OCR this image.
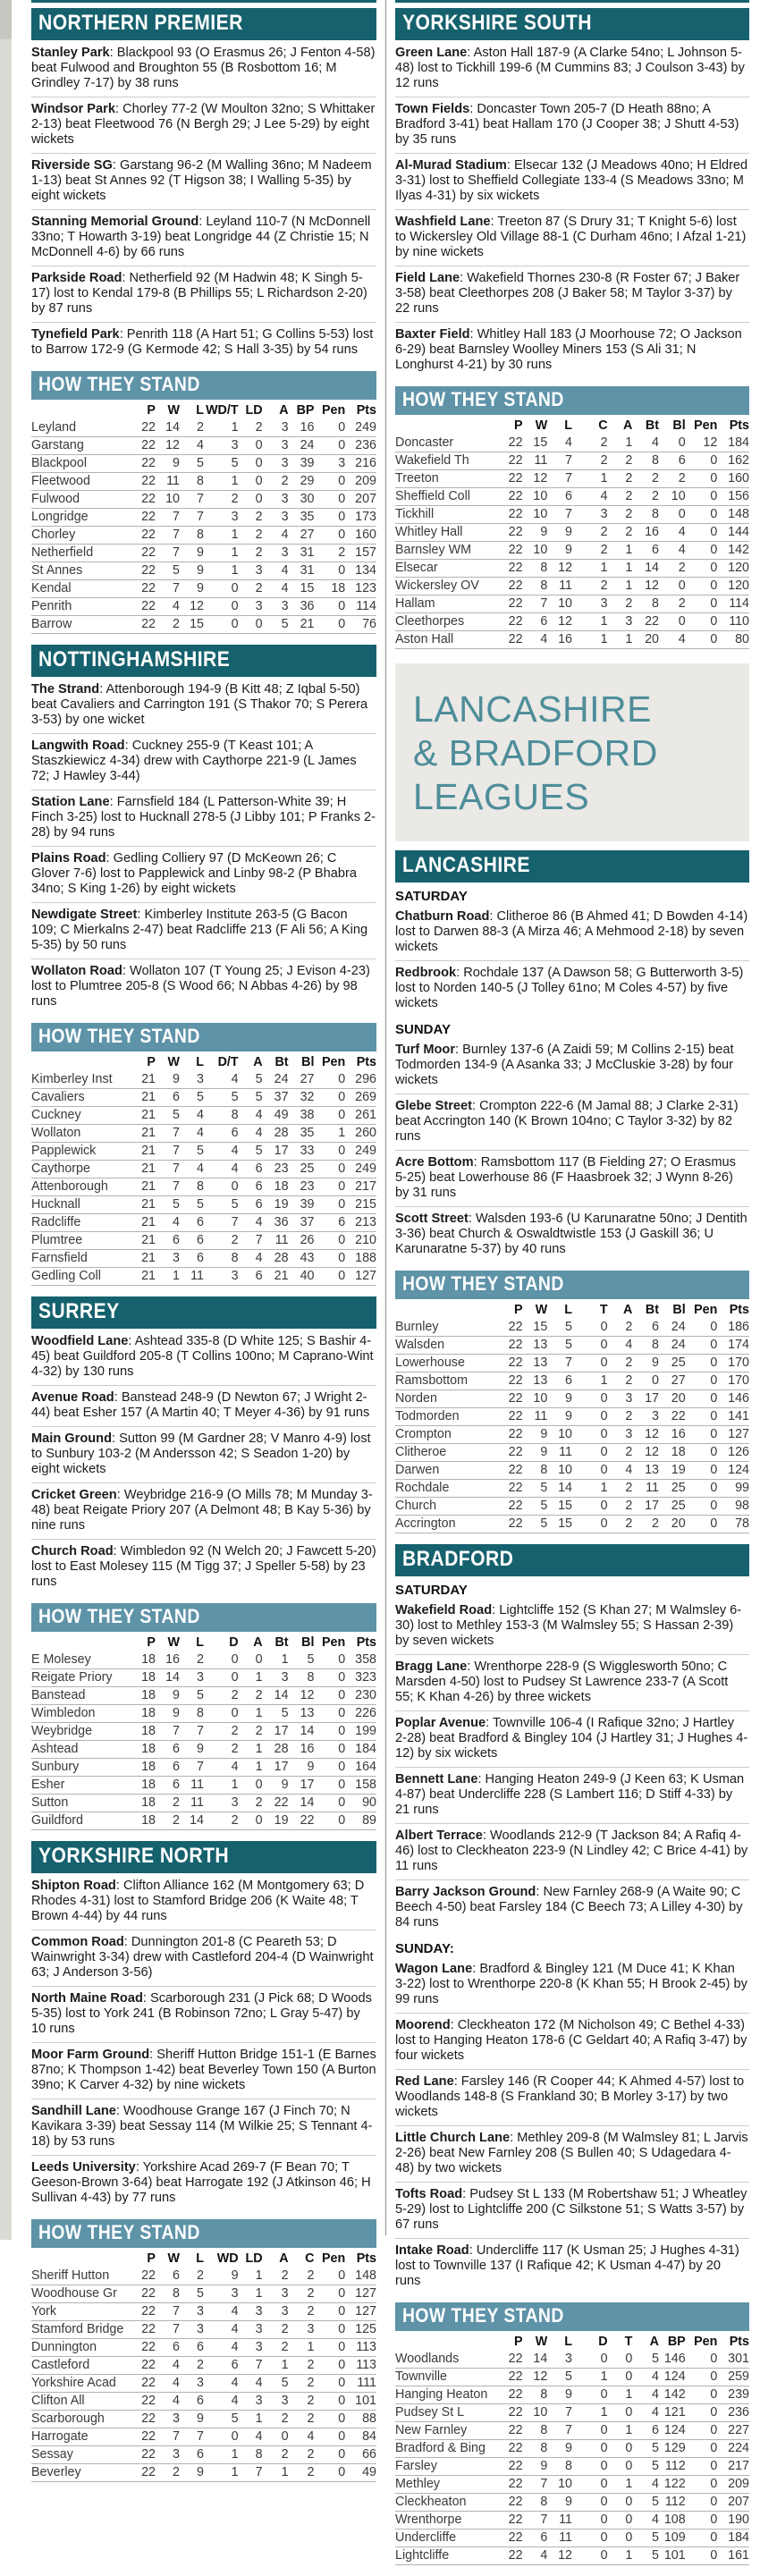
NORTHERN PREMIER
Stanley Park: Blackpool 93 (O Erasmus 26; J Fenton 4-58) beat Fulwood and Broughton 55 (B Rosbottom 16; M Grindley 7-17) by 38 runs
Windsor Park: Chorley 77-2 (W Moulton 32no; S Whittaker 2-13) beat Fleetwood 76 (N Bergh 29; J Lee 5-29) by eight wickets
Riverside SG: Garstang 96-2 (M Walling 36no; M Nadeem 1-13) beat St Annes 92 (T Higson 38; I Walling 5-35) by eight wickets
Stanning Memorial Ground: Leyland 110-7 (N McDonnell 33no; T Howarth 3-19) beat Longridge 44 (Z Christie 15; N McDonnell 4-6) by 66 runs
Parkside Road: Netherfield 92 (M Hadwin 48; K Singh 5-17) lost to Kendal 179-8 (B Phillips 55; L Richardson 2-20) by 87 runs
Tynefield Park: Penrith 118 (A Hart 51; G Collins 5-53) lost to Barrow 172-9 (G Kermode 42; S Hall 3-35) by 54 runs
HOW THEY STAND
	P	W	L	WD/T	LD	A	BP	Pen	Pts
Leyland	22	14	2	1	2	3	16	0	249
Garstang	22	12	4	3	0	3	24	0	236
Blackpool	22	9	5	5	0	3	39	3	216
Fleetwood	22	11	8	1	0	2	29	0	209
Fulwood	22	10	7	2	0	3	30	0	207
Longridge	22	7	7	3	2	3	35	0	173
Chorley	22	7	8	1	2	4	27	0	160
Netherfield	22	7	9	1	2	3	31	2	157
St Annes	22	5	9	1	3	4	31	0	134
Kendal	22	7	9	0	2	4	15	18	123
Penrith	22	4	12	0	3	3	36	0	114
Barrow	22	2	15	0	0	5	21	0	76
NOTTINGHAMSHIRE
The Strand: Attenborough 194-9 (B Kitt 48; Z Iqbal 5-50) beat Cavaliers and Carrington 191 (S Thakor 70; S Perera 3-53) by one wicket
Langwith Road: Cuckney 255-9 (T Keast 101; A Staszkiewicz 4-34) drew with Caythorpe 221-9 (L James 72; J Hawley 3-44)
Station Lane: Farnsfield 184 (L Patterson-White 39; H Finch 3-25) lost to Hucknall 278-5 (J Libby 101; P Franks 2-28) by 94 runs
Plains Road: Gedling Colliery 97 (D McKeown 26; C Glover 7-6) lost to Papplewick and Linby 98-2 (P Bhabra 34no; S King 1-26) by eight wickets
Newdigate Street: Kimberley Institute 263-5 (G Bacon 109; C Mierkalns 2-47) beat Radcliffe 213 (F Ali 56; A King 5-35) by 50 runs
Wollaton Road: Wollaton 107 (T Young 25; J Evison 4-23) lost to Plumtree 205-8 (S Wood 66; N Abbas 4-26) by 98 runs
HOW THEY STAND
	P	W	L	D/T	A	Bt	Bl	Pen	Pts
Kimberley Inst	21	9	3	4	5	24	27	0	296
Cavaliers	21	6	5	5	5	37	32	0	269
Cuckney	21	5	4	8	4	49	38	0	261
Wollaton	21	7	4	6	4	28	35	1	260
Papplewick	21	7	5	4	5	17	33	0	249
Caythorpe	21	7	4	4	6	23	25	0	249
Attenborough	21	7	8	0	6	18	23	0	217
Hucknall	21	5	5	5	6	19	39	0	215
Radcliffe	21	4	6	7	4	36	37	6	213
Plumtree	21	6	6	2	7	11	26	0	210
Farnsfield	21	3	6	8	4	28	43	0	188
Gedling Coll	21	1	11	3	6	21	40	0	127
SURREY
Woodfield Lane: Ashtead 335-8 (D White 125; S Bashir 4-45) beat Guildford 205-8 (T Collins 100no; M Caprano-Wint 4-32) by 130 runs
Avenue Road: Banstead 248-9 (D Newton 67; J Wright 2-44) beat Esher 157 (A Martin 40; T Meyer 4-36) by 91 runs
Main Ground: Sutton 99 (M Gardner 28; V Manro 4-9) lost to Sunbury 103-2 (M Andersson 42; S Seadon 1-20) by eight wickets
Cricket Green: Weybridge 216-9 (O Mills 78; M Munday 3-48) beat Reigate Priory 207 (A Delmont 48; B Kay 5-36) by nine runs
Church Road: Wimbledon 92 (N Welch 20; J Fawcett 5-20) lost to East Molesey 115 (M Tigg 37; J Speller 5-58) by 23 runs
HOW THEY STAND
	P	W	L	D	A	Bt	Bl	Pen	Pts
E Molesey	18	16	2	0	0	1	5	0	358
Reigate Priory	18	14	3	0	1	3	8	0	323
Banstead	18	9	5	2	2	14	12	0	230
Wimbledon	18	9	8	0	1	5	13	0	226
Weybridge	18	7	7	2	2	17	14	0	199
Ashtead	18	6	9	2	1	28	16	0	184
Sunbury	18	6	7	4	1	17	9	0	164
Esher	18	6	11	1	0	9	17	0	158
Sutton	18	2	11	3	2	22	14	0	90
Guildford	18	2	14	2	0	19	22	0	89
YORKSHIRE NORTH
Shipton Road: Clifton Alliance 162 (M Montgomery 63; D Rhodes 4-31) lost to Stamford Bridge 206 (K Waite 48; T Brown 4-44) by 44 runs
Common Road: Dunnington 201-8 (C Peareth 53; D Wainwright 3-34) drew with Castleford 204-4 (D Wainwright 63; J Anderson 3-56)
North Maine Road: Scarborough 231 (J Pick 68; D Woods 5-35) lost to York 241 (B Robinson 72no; L Gray 5-47) by 10 runs
Moor Farm Ground: Sheriff Hutton Bridge 151-1 (E Barnes 87no; K Thompson 1-42) beat Beverley Town 150 (A Burton 39no; K Carver 4-32) by nine wickets
Sandhill Lane: Woodhouse Grange 167 (J Finch 70; N Kavikara 3-39) beat Sessay 114 (M Wilkie 25; S Tennant 4-18) by 53 runs
Leeds University: Yorkshire Acad 269-7 (F Bean 70; T Geeson-Brown 3-64) beat Harrogate 192 (J Atkinson 46; H Sullivan 4-43) by 77 runs
HOW THEY STAND
	P	W	L	WD	LD	A	C	Pen	Pts
Sheriff Hutton	22	6	2	9	1	2	2	0	148
Woodhouse Gr	22	8	5	3	1	3	2	0	127
York	22	7	3	4	3	3	2	0	127
Stamford Bridge	22	7	3	4	3	2	3	0	125
Dunnington	22	6	6	4	3	2	1	0	113
Castleford	22	4	2	6	7	1	2	0	113
Yorkshire Acad	22	4	3	4	4	5	2	0	111
Clifton All	22	4	6	4	3	3	2	0	101
Scarborough	22	3	9	5	1	2	2	0	88
Harrogate	22	7	7	0	4	0	4	0	84
Sessay	22	3	6	1	8	2	2	0	66
Beverley	22	2	9	1	7	1	2	0	49
YORKSHIRE SOUTH
Green Lane: Aston Hall 187-9 (A Clarke 54no; L Johnson 5-48) lost to Tickhill 199-6 (M Cummins 83; J Coulson 3-43) by 12 runs
Town Fields: Doncaster Town 205-7 (D Heath 88no; A Bradford 3-41) beat Hallam 170 (J Cooper 38; J Shutt 4-53) by 35 runs
Al-Murad Stadium: Elsecar 132 (J Meadows 40no; H Eldred 3-31) lost to Sheffield Collegiate 133-4 (S Meadows 33no; M Ilyas 4-31) by six wickets
Washfield Lane: Treeton 87 (S Drury 31; T Knight 5-6) lost to Wickersley Old Village 88-1 (C Durham 46no; I Afzal 1-21) by nine wickets
Field Lane: Wakefield Thornes 230-8 (R Foster 67; J Baker 3-58) beat Cleethorpes 208 (J Baker 58; M Taylor 3-37) by 22 runs
Baxter Field: Whitley Hall 183 (J Moorhouse 72; O Jackson 6-29) beat Barnsley Woolley Miners 153 (S Ali 31; N Longhurst 4-21) by 30 runs
HOW THEY STAND
	P	W	L	C	A	Bt	Bl	Pen	Pts
Doncaster	22	15	4	2	1	4	0	12	184
Wakefield Th	22	11	7	2	2	8	6	0	162
Treeton	22	12	7	1	2	2	2	0	160
Sheffield Coll	22	10	6	4	2	2	10	0	156
Tickhill	22	10	7	3	2	8	0	0	148
Whitley Hall	22	9	9	2	2	16	4	0	144
Barnsley WM	22	10	9	2	1	6	4	0	142
Elsecar	22	8	12	1	1	14	2	0	120
Wickersley OV	22	8	11	2	1	12	0	0	120
Hallam	22	7	10	3	2	8	2	0	114
Cleethorpes	22	6	12	1	3	22	0	0	110
Aston Hall	22	4	16	1	1	20	4	0	80
LANCASHIRE
& BRADFORD
LEAGUES
LANCASHIRE
SATURDAY
Chatburn Road: Clitheroe 86 (B Ahmed 41; D Bowden 4-14) lost to Darwen 88-3 (A Mirza 46; A Mehmood 2-18) by seven wickets
Redbrook: Rochdale 137 (A Dawson 58; G Butterworth 3-5) lost to Norden 140-5 (J Tolley 61no; M Coles 4-57) by five wickets
SUNDAY
Turf Moor: Burnley 137-6 (A Zaidi 59; M Collins 2-15) beat Todmorden 134-9 (A Asanka 33; J McCluskie 3-28) by four wickets
Glebe Street: Crompton 222-6 (M Jamal 88; J Clarke 2-31) beat Accrington 140 (K Brown 104no; C Taylor 3-32) by 82 runs
Acre Bottom: Ramsbottom 117 (B Fielding 27; O Erasmus 5-25) beat Lowerhouse 86 (F Haasbroek 32; J Wynn 8-26) by 31 runs
Scott Street: Walsden 193-6 (U Karunaratne 50no; J Dentith 3-36) beat Church & Oswaldtwistle 153 (J Gaskill 36; U Karunaratne 5-37) by 40 runs
HOW THEY STAND
	P	W	L	T	A	Bt	Bl	Pen	Pts
Burnley	22	15	5	0	2	6	24	0	186
Walsden	22	13	5	0	4	8	24	0	174
Lowerhouse	22	13	7	0	2	9	25	0	170
Ramsbottom	22	13	6	1	2	0	27	0	170
Norden	22	10	9	0	3	17	20	0	146
Todmorden	22	11	9	0	2	3	22	0	141
Crompton	22	9	10	0	3	12	16	0	127
Clitheroe	22	9	11	0	2	12	18	0	126
Darwen	22	8	10	0	4	13	19	0	124
Rochdale	22	5	14	1	2	11	25	0	99
Church	22	5	15	0	2	17	25	0	98
Accrington	22	5	15	0	2	2	20	0	78
BRADFORD
SATURDAY
Wakefield Road: Lightcliffe 152 (S Khan 27; M Walmsley 6-30) lost to Methley 153-3 (M Walmsley 55; S Hassan 2-39) by seven wickets
Bragg Lane: Wrenthorpe 228-9 (S Wigglesworth 50no; C Marsden 4-50) lost to Pudsey St Lawrence 233-7 (A Scott 55; K Khan 4-26) by three wickets
Poplar Avenue: Townville 106-4 (I Rafique 32no; J Hartley 2-28) beat Bradford & Bingley 104 (J Hartley 31; J Hughes 4-12) by six wickets
Bennett Lane: Hanging Heaton 249-9 (J Keen 63; K Usman 4-87) beat Undercliffe 228 (S Lambert 116; D Stiff 4-33) by 21 runs
Albert Terrace: Woodlands 212-9 (T Jackson 84; A Rafiq 4-46) lost to Cleckheaton 223-9 (N Lindley 42; C Brice 4-41) by 11 runs
Barry Jackson Ground: New Farnley 268-9 (A Waite 90; C Beech 4-50) beat Farsley 184 (C Beech 73; A Lilley 4-30) by 84 runs
SUNDAY:
Wagon Lane: Bradford & Bingley 121 (M Duce 41; K Khan 3-22) lost to Wrenthorpe 220-8 (K Khan 55; H Brook 2-45) by 99 runs
Moorend: Cleckheaton 172 (M Nicholson 49; C Bethel 4-33) lost to Hanging Heaton 178-6 (C Geldart 40; A Rafiq 3-47) by four wickets
Red Lane: Farsley 146 (R Cooper 44; K Ahmed 4-57) lost to Woodlands 148-8 (S Frankland 30; B Morley 3-17) by two wickets
Little Church Lane: Methley 209-8 (M Walmsley 81; L Jarvis 2-26) beat New Farnley 208 (S Bullen 40; S Udagedara 4-48) by two wickets
Tofts Road: Pudsey St L 133 (M Robertshaw 51; J Wheatley 5-29) lost to Lightcliffe 200 (C Silkstone 51; S Watts 3-57) by 67 runs
Intake Road: Undercliffe 117 (K Usman 25; J Hughes 4-31) lost to Townville 137 (I Rafique 42; K Usman 4-47) by 20 runs
HOW THEY STAND
	P	W	L	D	T	A	BP	Pen	Pts
Woodlands	22	14	3	0	0	5	146	0	301
Townville	22	12	5	1	0	4	124	0	259
Hanging Heaton	22	8	9	0	1	4	142	0	239
Pudsey St L	22	10	7	1	0	4	121	0	236
New Farnley	22	8	7	0	1	6	124	0	227
Bradford & Bing	22	8	9	0	0	5	129	0	224
Farsley	22	9	8	0	0	5	112	0	217
Methley	22	7	10	0	1	4	122	0	209
Cleckheaton	22	8	9	0	0	5	112	0	207
Wrenthorpe	22	7	11	0	0	4	108	0	190
Undercliffe	22	6	11	0	0	5	109	0	184
Lightcliffe	22	4	12	0	1	5	101	0	161
